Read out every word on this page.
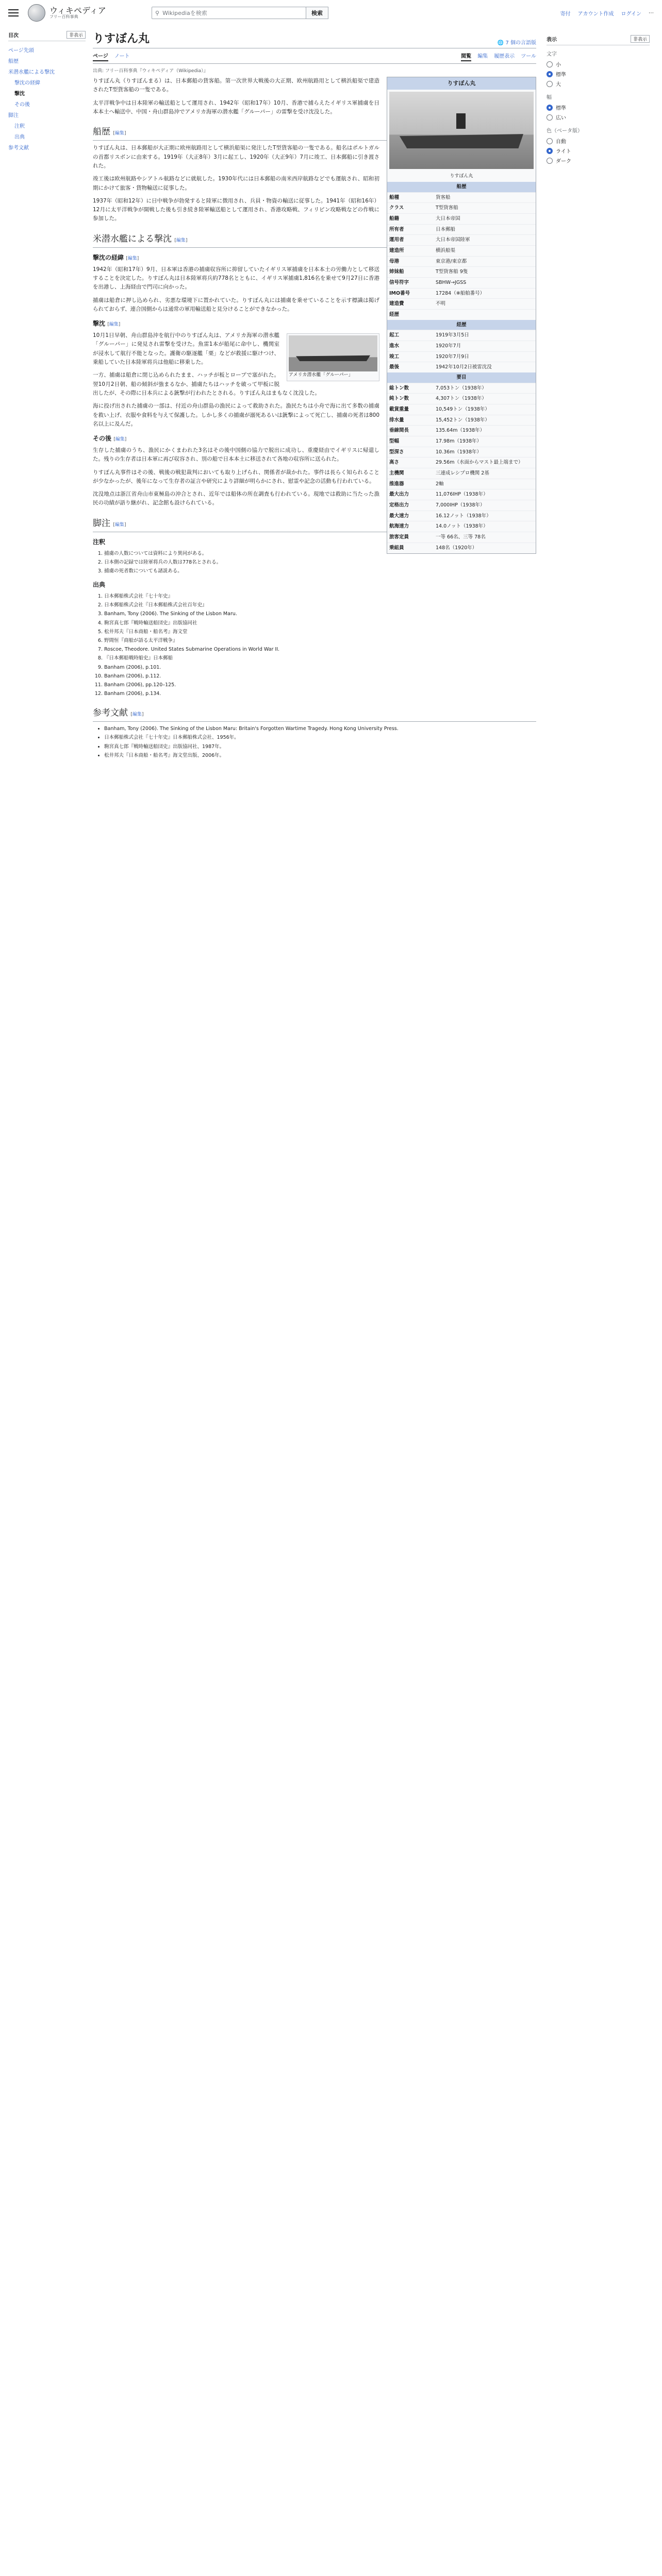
ウィキペディア
フリー百科事典
⚲ Wikipediaを検索	検索	寄付 アカウント作成 ログイン ⋯
目次	非表示
ページ先頭
船歴
米潜水艦による撃沈
撃沈の経緯
撃沈
その後
脚注
注釈
出典
参考文献
りすぼん丸	🌐 7 個の言語版
ページ ノート	閲覧 編集 履歴表示 ツール
出典: フリー百科事典『ウィキペディア（Wikipedia）』
りすぼん丸
りすぼん丸
船歴
船種	貨客船
クラス	T型貨客船
船籍	大日本帝国
所有者	日本郵船
運用者	大日本帝国陸軍
建造所	横浜船渠
母港	東京港/東京都
姉妹船	T型貨客船 9隻
信号符字	SBHW→JGSS
IMO番号	17284（※船舶番号）
建造費	不明
経歴
経歴
起工	1919年3月5日
進水	1920年7月
竣工	1920年7月9日
最後	1942年10月2日被雷沈没
要目
総トン数	7,053トン（1938年）
純トン数	4,307トン（1938年）
載貨重量	10,549トン（1938年）
排水量	15,452トン（1938年）
垂線間長	135.64m（1938年）
型幅	17.98m（1938年）
型深さ	10.36m（1938年）
高さ	29.56m（水面からマスト最上端まで）
主機関	三連成レシプロ機関 2基
推進器	2軸
最大出力	11,076IHP（1938年）
定格出力	7,000IHP（1938年）
最大速力	16.12ノット（1938年）
航海速力	14.0ノット（1938年）
旅客定員	一等 66名、三等 78名
乗組員	148名（1920年）

りすぼん丸（りすぼんまる）は、日本郵船の貨客船。第一次世界大戦後の大正期、欧州航路用として横浜船渠で建造されたT型貨客船の一隻である。

太平洋戦争中は日本陸軍の輸送船として運用され、1942年（昭和17年）10月、香港で捕らえたイギリス軍捕虜を日本本土へ輸送中、中国・舟山群島沖でアメリカ海軍の潜水艦「グルーパー」の雷撃を受け沈没した。

船歴 [編集]

りすぼん丸は、日本郵船が大正期に欧州航路用として横浜船渠に発注したT型貨客船の一隻である。船名はポルトガルの首都リスボンに由来する。1919年（大正8年）3月に起工し、1920年（大正9年）7月に竣工、日本郵船に引き渡された。

竣工後は欧州航路やシアトル航路などに就航した。1930年代には日本郵船の南米西岸航路などでも運航され、昭和初期にかけて旅客・貨物輸送に従事した。

1937年（昭和12年）に日中戦争が勃発すると陸軍に徴用され、兵員・物資の輸送に従事した。1941年（昭和16年）12月に太平洋戦争が開戦した後も引き続き陸軍輸送船として運用され、香港攻略戦、フィリピン攻略戦などの作戦に参加した。

米潜水艦による撃沈 [編集]
撃沈の経緯 [編集]

1942年（昭和17年）9月、日本軍は香港の捕虜収容所に抑留していたイギリス軍捕虜を日本本土の労働力として移送することを決定した。りすぼん丸は日本陸軍将兵約778名とともに、イギリス軍捕虜1,816名を乗せて9月27日に香港を出港し、上海経由で門司に向かった。

捕虜は船倉に押し込められ、劣悪な環境下に置かれていた。りすぼん丸には捕虜を乗せていることを示す標識は掲げられておらず、連合国側からは通常の軍用輸送船と見分けることができなかった。

撃沈 [編集]
アメリカ潜水艦「グルーパー」

10月1日早朝、舟山群島沖を航行中のりすぼん丸は、アメリカ海軍の潜水艦「グルーパー」に発見され雷撃を受けた。魚雷1本が船尾に命中し、機関室が浸水して航行不能となった。護衛の駆逐艦「栗」などが救援に駆けつけ、乗船していた日本陸軍将兵は他船に移乗した。

一方、捕虜は船倉に閉じ込められたまま、ハッチが板とロープで塞がれた。翌10月2日朝、船の傾斜が強まるなか、捕虜たちはハッチを破って甲板に脱出したが、その際に日本兵による銃撃が行われたとされる。りすぼん丸はまもなく沈没した。

海に投げ出された捕虜の一部は、付近の舟山群島の漁民によって救助された。漁民たちは小舟で海に出て多数の捕虜を救い上げ、衣服や食料を与えて保護した。しかし多くの捕虜が溺死あるいは銃撃によって死亡し、捕虜の死者は800名以上に及んだ。

その後 [編集]

生存した捕虜のうち、漁民にかくまわれた3名はその後中国側の協力で脱出に成功し、重慶経由でイギリスに帰還した。残りの生存者は日本軍に再び収容され、別の船で日本本土に移送されて各地の収容所に送られた。

りすぼん丸事件はその後、戦後の戦犯裁判においても取り上げられ、関係者が裁かれた。事件は長らく知られることが少なかったが、後年になって生存者の証言や研究により詳細が明らかにされ、慰霊や記念の活動も行われている。

沈没地点は浙江省舟山市東極島の沖合とされ、近年では船体の所在調査も行われている。現地では救助に当たった漁民の功績が語り継がれ、記念館も設けられている。

脚注 [編集]
注釈
1. 捕虜の人数については資料により異同がある。
2. 日本側の記録では陸軍将兵の人数は778名とされる。
3. 捕虜の死者数についても諸説ある。
出典
1. 日本郵船株式会社『七十年史』
2. 日本郵船株式会社『日本郵船株式会社百年史』
3. Banham, Tony (2006). The Sinking of the Lisbon Maru.
4. 駒宮真七郎『戦時輸送船団史』出版協同社
5. 松井邦夫『日本商船・船名考』海文堂
6. 野間恒『商船が語る太平洋戦争』
7. Roscoe, Theodore. United States Submarine Operations in World War II.
8. 『日本郵船戦時船史』日本郵船
9. Banham (2006), p.101.
10. Banham (2006), p.112.
11. Banham (2006), pp.120–125.
12. Banham (2006), p.134.
参考文献 [編集]
• Banham, Tony (2006). The Sinking of the Lisbon Maru: Britain's Forgotten Wartime Tragedy. Hong Kong University Press.
• 日本郵船株式会社『七十年史』日本郵船株式会社、1956年。
• 駒宮真七郎『戦時輸送船団史』出版協同社、1987年。
• 松井邦夫『日本商船・船名考』海文堂出版、2006年。
表示	非表示
文字
小
標準
大
幅
標準
広い
色（ベータ版）
自動
ライト
ダーク
